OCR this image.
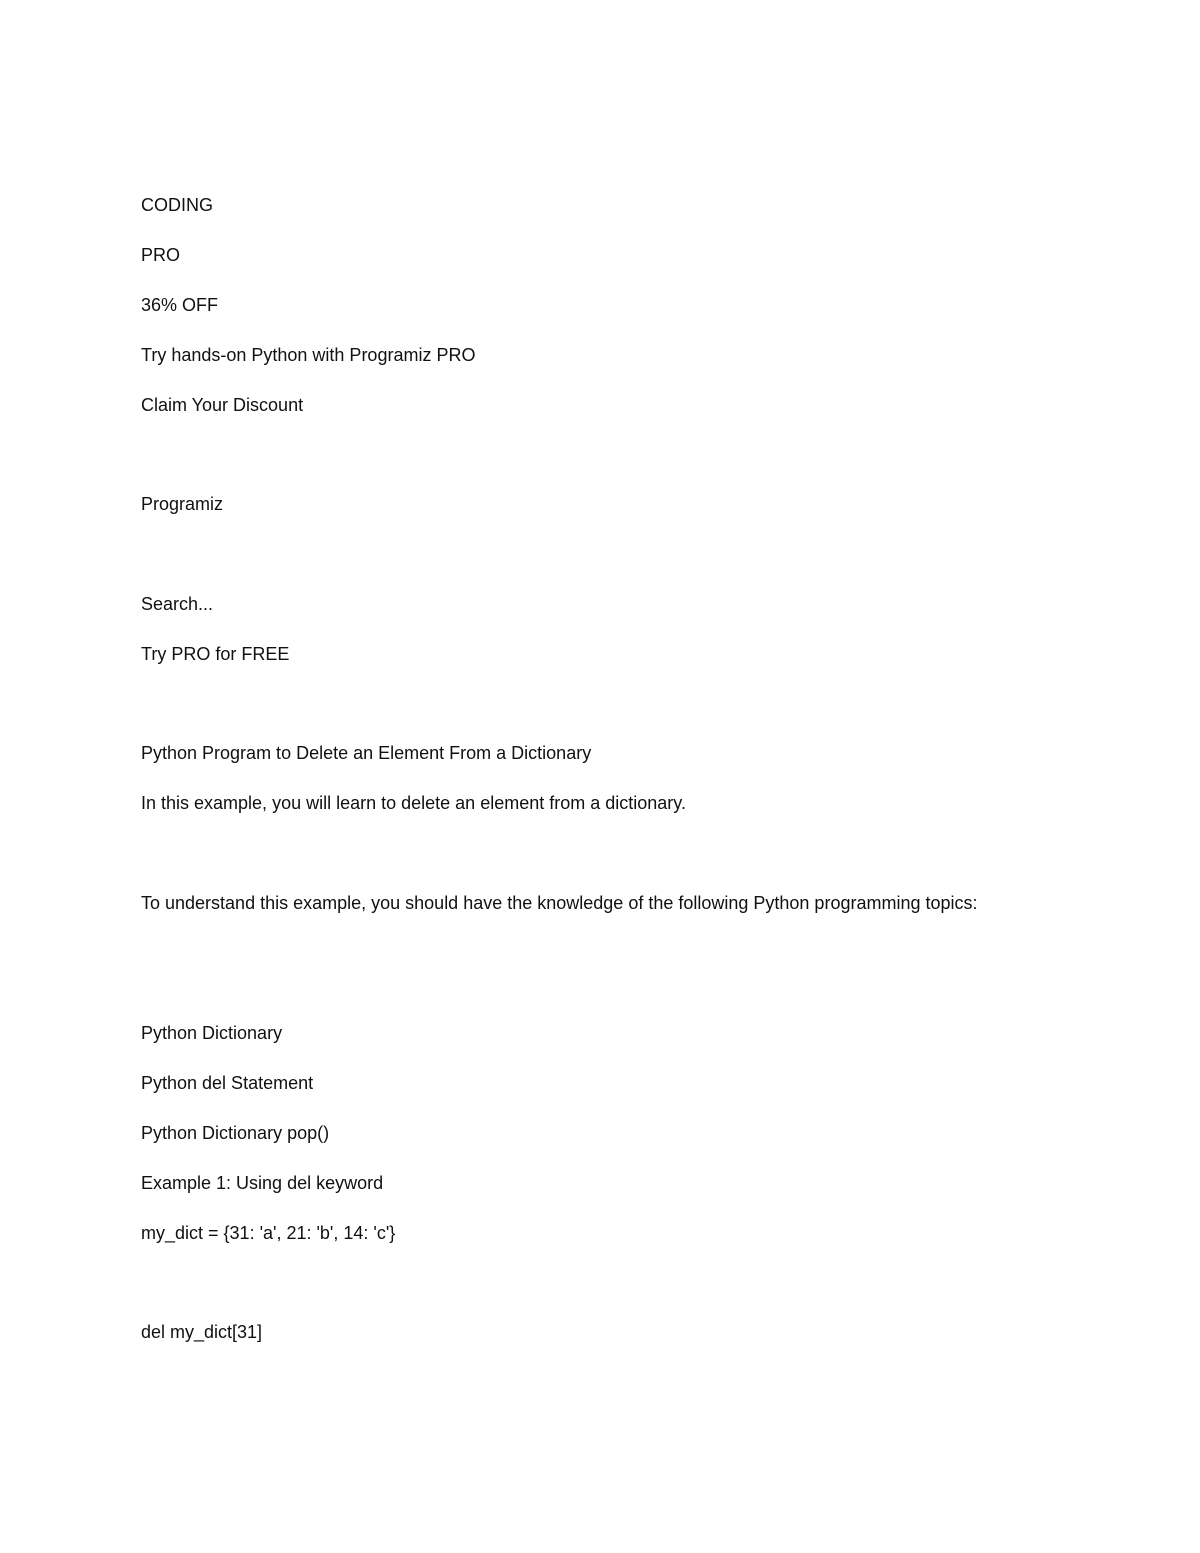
CODING
PRO
36% OFF
Try hands-on Python with Programiz PRO
Claim Your Discount
Programiz
Search...
Try PRO for FREE
Python Program to Delete an Element From a Dictionary
In this example, you will learn to delete an element from a dictionary.
To understand this example, you should have the knowledge of the following Python programming topics:
Python Dictionary
Python del Statement
Python Dictionary pop()
Example 1: Using del keyword
my_dict = {31: 'a', 21: 'b', 14: 'c'}
del my_dict[31]
